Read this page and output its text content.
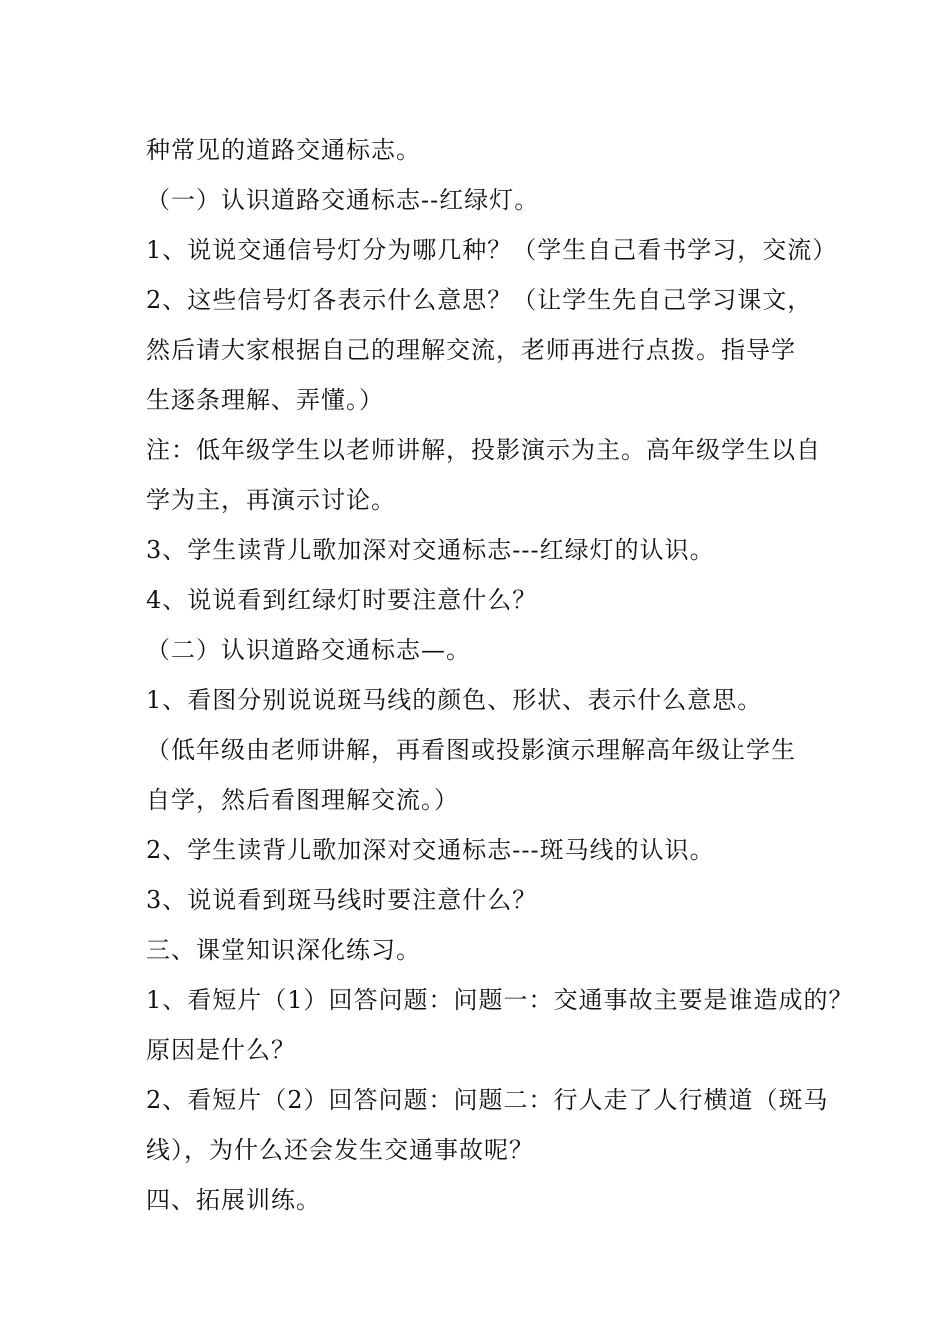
种常见的道路交通标志。
（一）认识道路交通标志--红绿灯。
1、说说交通信号灯分为哪几种？（学生自己看书学习，交流）
2、这些信号灯各表示什么意思？（让学生先自己学习课文，
然后请大家根据自己的理解交流，老师再进行点拨。指导学
生逐条理解、弄懂。）
注：低年级学生以老师讲解，投影演示为主。高年级学生以自
学为主，再演示讨论。
3、学生读背儿歌加深对交通标志---红绿灯的认识。
4、说说看到红绿灯时要注意什么？
（二）认识道路交通标志—。
1、看图分别说说斑马线的颜色、形状、表示什么意思。
（低年级由老师讲解，再看图或投影演示理解高年级让学生
自学，然后看图理解交流。）
2、学生读背儿歌加深对交通标志---斑马线的认识。
3、说说看到斑马线时要注意什么？
三、课堂知识深化练习。
1、看短片（1）回答问题：问题一：交通事故主要是谁造成的？
原因是什么？
2、看短片（2）回答问题：问题二：行人走了人行横道（斑马
线），为什么还会发生交通事故呢？
四、拓展训练。
